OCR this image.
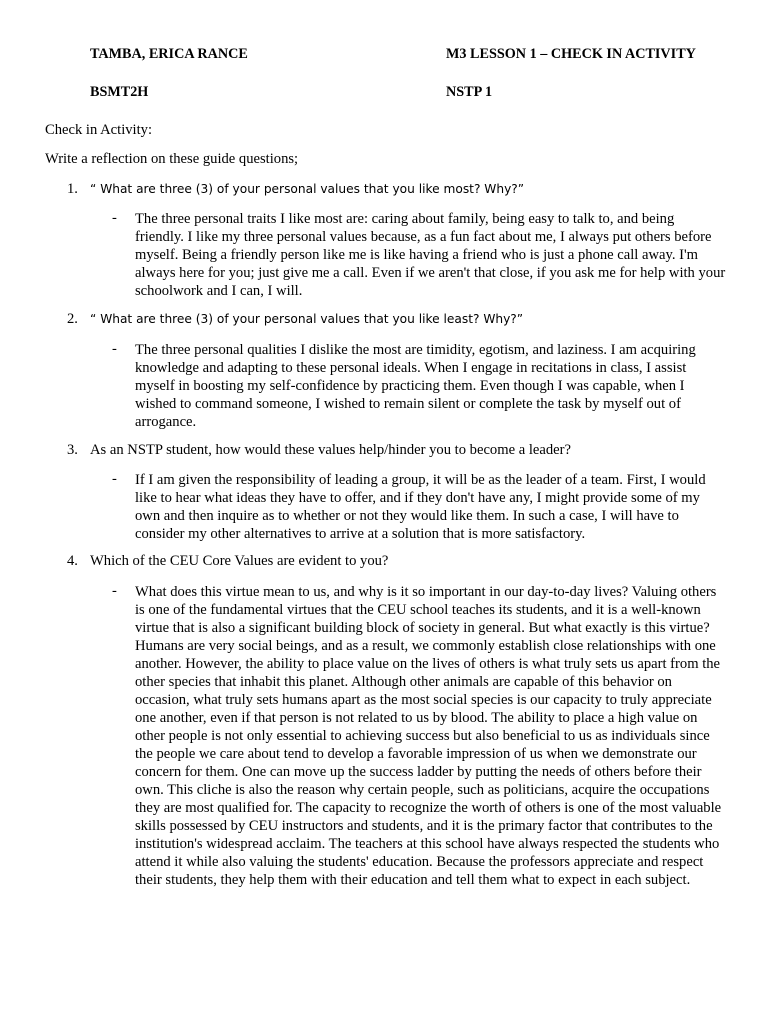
TAMBA, ERICA RANCE
BSMT2H
M3 LESSON 1 – CHECK IN ACTIVITY
NSTP 1
Check in Activity:
Write a reflection on these guide questions;
1. “ What are three (3) of your personal values that you like most? Why?”
- The three personal traits I like most are: caring about family, being easy to talk to, and being friendly. I like my three personal values because, as a fun fact about me, I always put others before myself. Being a friendly person like me is like having a friend who is just a phone call away. I'm always here for you; just give me a call. Even if we aren't that close, if you ask me for help with your schoolwork and I can, I will.
2. “ What are three (3) of your personal values that you like least? Why?”
- The three personal qualities I dislike the most are timidity, egotism, and laziness. I am acquiring knowledge and adapting to these personal ideals. When I engage in recitations in class, I assist myself in boosting my self-confidence by practicing them. Even though I was capable, when I wished to command someone, I wished to remain silent or complete the task by myself out of arrogance.
3. As an NSTP student, how would these values help/hinder you to become a leader?
- If I am given the responsibility of leading a group, it will be as the leader of a team. First, I would like to hear what ideas they have to offer, and if they don't have any, I might provide some of my own and then inquire as to whether or not they would like them. In such a case, I will have to consider my other alternatives to arrive at a solution that is more satisfactory.
4. Which of the CEU Core Values are evident to you?
- What does this virtue mean to us, and why is it so important in our day-to-day lives? Valuing others is one of the fundamental virtues that the CEU school teaches its students, and it is a well-known virtue that is also a significant building block of society in general. But what exactly is this virtue? Humans are very social beings, and as a result, we commonly establish close relationships with one another. However, the ability to place value on the lives of others is what truly sets us apart from the other species that inhabit this planet. Although other animals are capable of this behavior on occasion, what truly sets humans apart as the most social species is our capacity to truly appreciate one another, even if that person is not related to us by blood. The ability to place a high value on other people is not only essential to achieving success but also beneficial to us as individuals since the people we care about tend to develop a favorable impression of us when we demonstrate our concern for them. One can move up the success ladder by putting the needs of others before their own. This cliche is also the reason why certain people, such as politicians, acquire the occupations they are most qualified for. The capacity to recognize the worth of others is one of the most valuable skills possessed by CEU instructors and students, and it is the primary factor that contributes to the institution's widespread acclaim. The teachers at this school have always respected the students who attend it while also valuing the students' education. Because the professors appreciate and respect their students, they help them with their education and tell them what to expect in each subject.
